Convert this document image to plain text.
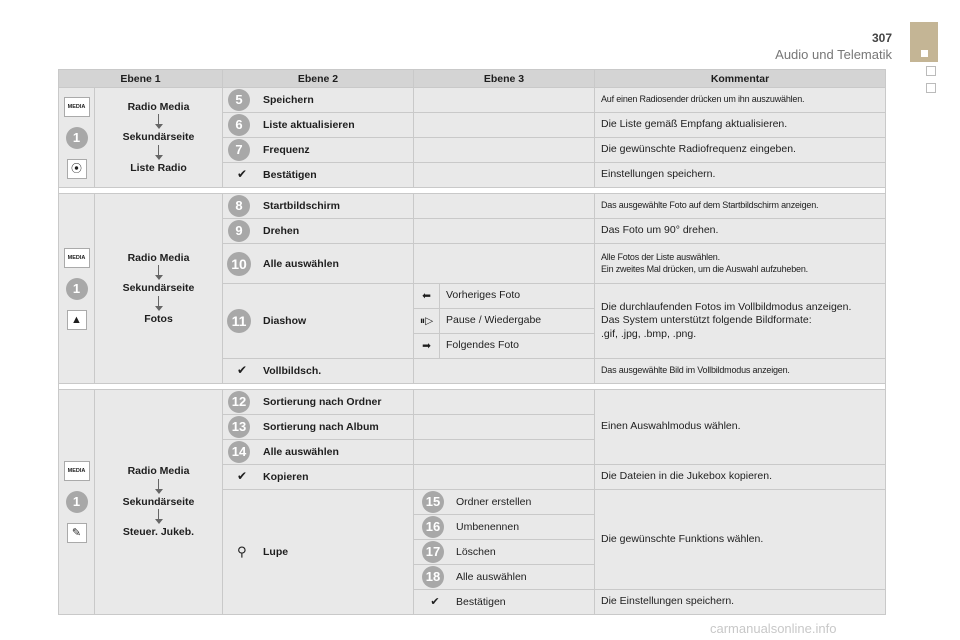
307
Audio und Telematik
carmanualsonline.info
Ebene 1		Ebene 2	Ebene 3		Kommentar
MEDIA
1
⦿	Radio Media
Sekundärseite
Liste Radio	5 Speichern			Auf einen Radiosender drücken um ihn auszuwählen.

		6 Liste aktualisieren			Die Liste gemäß Empfang aktualisieren.

		7 Frequenz			Die gewünschte Radiofrequenz eingeben.

		✔ Bestätigen			Einstellungen speichern.

MEDIA
1
▲	Radio Media
Sekundärseite
Fotos	8 Startbildschirm			Das ausgewählte Foto auf dem Startbildschirm anzeigen.

		9 Drehen			Das Foto um 90° drehen.

		10 Alle auswählen			Alle Fotos der Liste auswählen.
Ein zweites Mal drücken, um die Auswahl aufzuheben.

		11 Diashow	⬅	Vorheriges Foto	Die durchlaufenden Fotos im Vollbildmodus anzeigen.
Das System unterstützt folgende Bildformate:
.gif, .jpg, .bmp, .png.
			⏸▷	Pause / Wiedergabe	
			➡	Folgendes Foto	

		✔ Vollbildsch.			Das ausgewählte Bild im Vollbildmodus anzeigen.

MEDIA
1
✎	Radio Media
Sekundärseite
Steuer. Jukeb.	12 Sortierung nach Ordner			Einen Auswahlmodus wählen.

		13 Sortierung nach Album			

		14 Alle auswählen			

		✔ Kopieren			Die Dateien in die Jukebox kopieren.

		⚲ Lupe	15 Ordner erstellen		Die gewünschte Funktions wählen.

			16 Umbenennen		

			17 Löschen		

			18 Alle auswählen		

			✔ Bestätigen		Die Einstellungen speichern.
